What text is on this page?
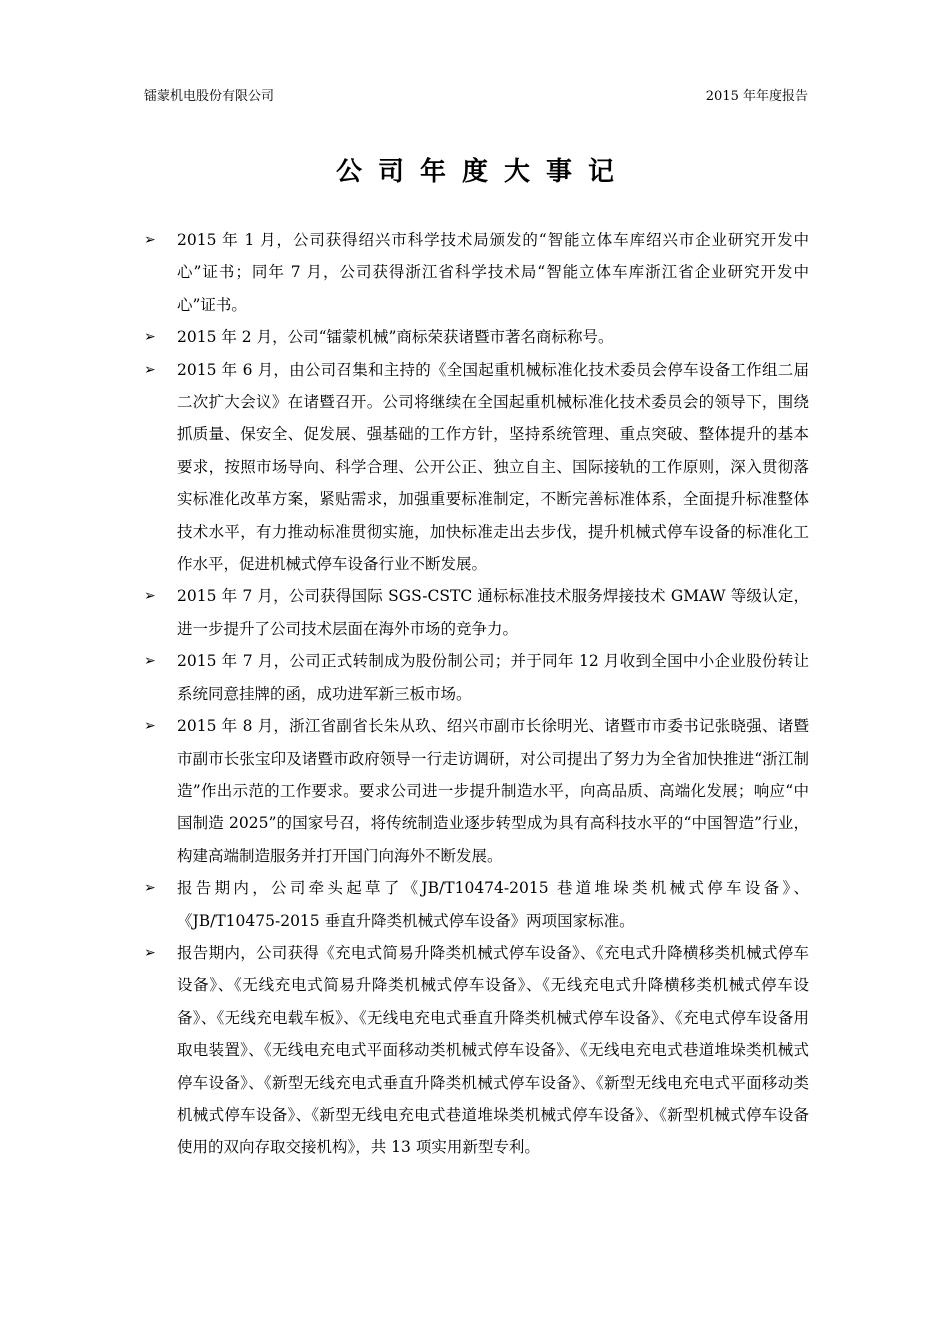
镭蒙机电股份有限公司	2015 年年度报告
公司年度大事记
➢ 2015 年 1 月，公司获得绍兴市科学技术局颁发的“智能立体车库绍兴市企业研究开发中心”证书；同年 7 月，公司获得浙江省科学技术局“智能立体车库浙江省企业研究开发中心”证书。
➢ 2015 年 2 月，公司“镭蒙机械”商标荣获诸暨市著名商标称号。
➢ 2015 年 6 月，由公司召集和主持的《全国起重机械标准化技术委员会停车设备工作组二届二次扩大会议》在诸暨召开。公司将继续在全国起重机械标准化技术委员会的领导下，围绕抓质量、保安全、促发展、强基础的工作方针，坚持系统管理、重点突破、整体提升的基本要求，按照市场导向、科学合理、公开公正、独立自主、国际接轨的工作原则，深入贯彻落实标准化改革方案，紧贴需求，加强重要标准制定，不断完善标准体系，全面提升标准整体技术水平，有力推动标准贯彻实施，加快标准走出去步伐，提升机械式停车设备的标准化工作水平，促进机械式停车设备行业不断发展。
➢ 2015 年 7 月，公司获得国际 SGS-CSTC 通标标准技术服务焊接技术 GMAW 等级认定，进一步提升了公司技术层面在海外市场的竞争力。
➢ 2015 年 7 月，公司正式转制成为股份制公司；并于同年 12 月收到全国中小企业股份转让系统同意挂牌的函，成功进军新三板市场。
➢ 2015 年 8 月，浙江省副省长朱从玖、绍兴市副市长徐明光、诸暨市市委书记张晓强、诸暨市副市长张宝印及诸暨市政府领导一行走访调研，对公司提出了努力为全省加快推进“浙江制造”作出示范的工作要求。要求公司进一步提升制造水平，向高品质、高端化发展；响应“中国制造 2025”的国家号召，将传统制造业逐步转型成为具有高科技水平的“中国智造”行业，构建高端制造服务并打开国门向海外不断发展。
➢ 报告期内，公司牵头起草了《JB/T10474-2015 巷道堆垛类机械式停车设备》、《JB/T10475-2015 垂直升降类机械式停车设备》两项国家标准。
➢ 报告期内，公司获得《充电式简易升降类机械式停车设备》、《充电式升降横移类机械式停车设备》、《无线充电式简易升降类机械式停车设备》、《无线充电式升降横移类机械式停车设备》、《无线充电载车板》、《无线电充电式垂直升降类机械式停车设备》、《充电式停车设备用取电装置》、《无线电充电式平面移动类机械式停车设备》、《无线电充电式巷道堆垛类机械式停车设备》、《新型无线充电式垂直升降类机械式停车设备》、《新型无线电充电式平面移动类机械式停车设备》、《新型无线电充电式巷道堆垛类机械式停车设备》、《新型机械式停车设备使用的双向存取交接机构》，共 13 项实用新型专利。
